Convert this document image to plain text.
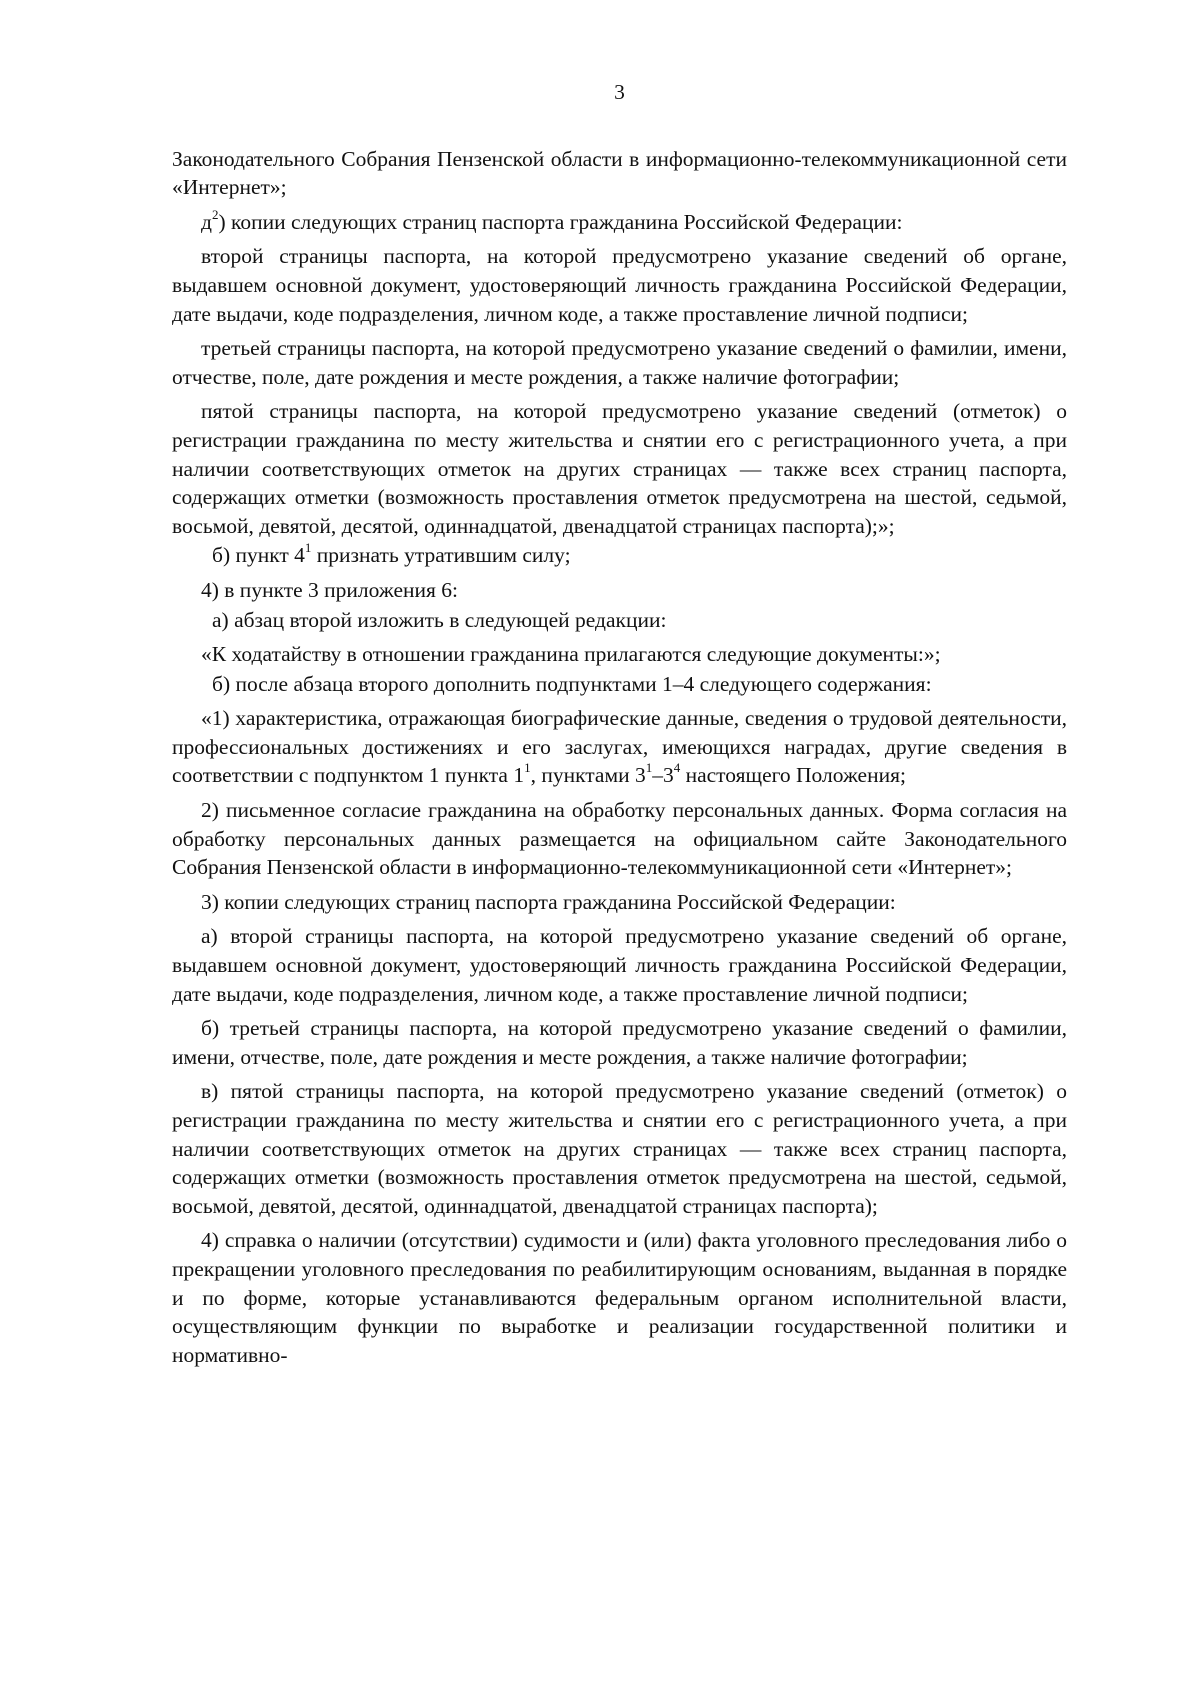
3
Законодательного Собрания Пензенской области в информационно-телекоммуникационной сети «Интернет»;
$д^2$) копии следующих страниц паспорта гражданина Российской Федерации:
второй страницы паспорта, на которой предусмотрено указание сведений об органе, выдавшем основной документ, удостоверяющий личность гражданина Российской Федерации, дате выдачи, коде подразделения, личном коде, а также проставление личной подписи;
третьей страницы паспорта, на которой предусмотрено указание сведений о фамилии, имени, отчестве, поле, дате рождения и месте рождения, а также наличие фотографии;
пятой страницы паспорта, на которой предусмотрено указание сведений (отметок) о регистрации гражданина по месту жительства и снятии его с регистрационного учета, а при наличии соответствующих отметок на других страницах — также всех страниц паспорта, содержащих отметки (возможность проставления отметок предусмотрена на шестой, седьмой, восьмой, девятой, десятой, одиннадцатой, двенадцатой страницах паспорта);»;
б) пункт $4^1$ признать утратившим силу;
4) в пункте 3 приложения 6:
а) абзац второй изложить в следующей редакции:
«К ходатайству в отношении гражданина прилагаются следующие документы:»;
б) после абзаца второго дополнить подпунктами 1–4 следующего содержания:
«1) характеристика, отражающая биографические данные, сведения о трудовой деятельности, профессиональных достижениях и его заслугах, имеющихся наградах, другие сведения в соответствии с подпунктом 1 пункта $1^1$, пунктами $3^1-3^4$ настоящего Положения;
2) письменное согласие гражданина на обработку персональных данных. Форма согласия на обработку персональных данных размещается на официальном сайте Законодательного Собрания Пензенской области в информационно-телекоммуникационной сети «Интернет»;
3) копии следующих страниц паспорта гражданина Российской Федерации:
а) второй страницы паспорта, на которой предусмотрено указание сведений об органе, выдавшем основной документ, удостоверяющий личность гражданина Российской Федерации, дате выдачи, коде подразделения, личном коде, а также проставление личной подписи;
б) третьей страницы паспорта, на которой предусмотрено указание сведений о фамилии, имени, отчестве, поле, дате рождения и месте рождения, а также наличие фотографии;
в) пятой страницы паспорта, на которой предусмотрено указание сведений (отметок) о регистрации гражданина по месту жительства и снятии его с регистрационного учета, а при наличии соответствующих отметок на других страницах — также всех страниц паспорта, содержащих отметки (возможность проставления отметок предусмотрена на шестой, седьмой, восьмой, девятой, десятой, одиннадцатой, двенадцатой страницах паспорта);
4) справка о наличии (отсутствии) судимости и (или) факта уголовного преследования либо о прекращении уголовного преследования по реабилитирующим основаниям, выданная в порядке и по форме, которые устанавливаются федеральным органом исполнительной власти, осуществляющим функции по выработке и реализации государственной политики и нормативно-
